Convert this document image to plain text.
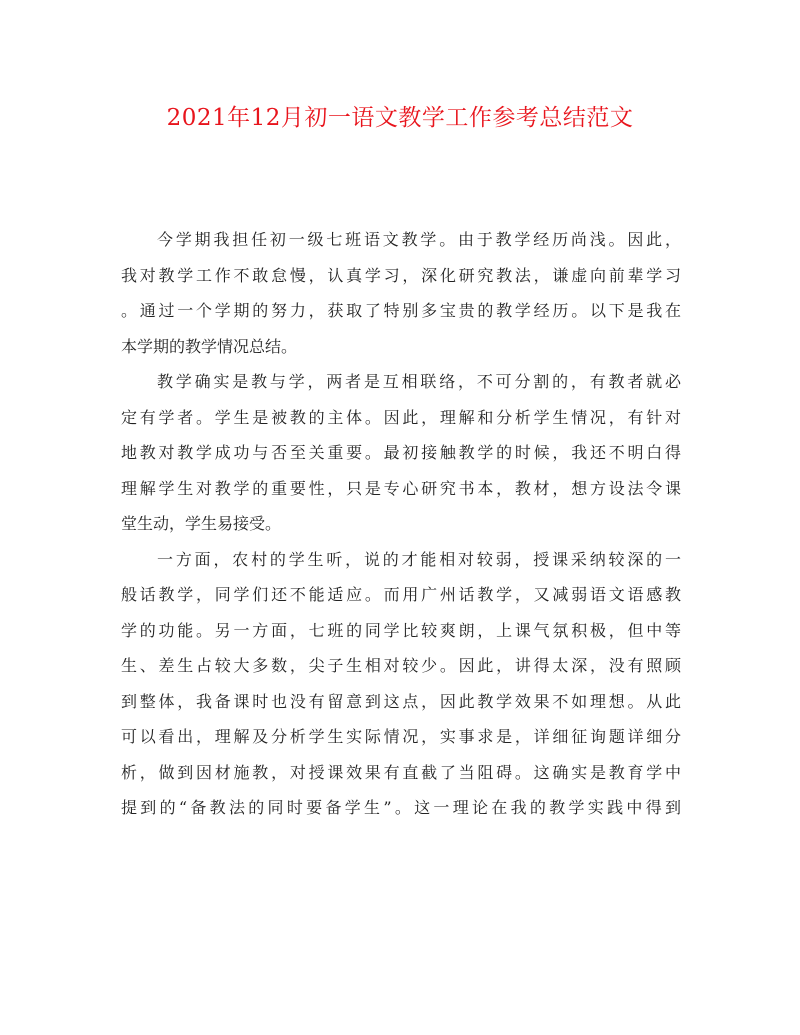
2021年12月初一语文教学工作参考总结范文
今学期我担任初一级七班语文教学。由于教学经历尚浅。因此，
我对教学工作不敢怠慢，认真学习，深化研究教法，谦虚向前辈学习
。通过一个学期的努力，获取了特别多宝贵的教学经历。以下是我在
本学期的教学情况总结。
教学确实是教与学，两者是互相联络，不可分割的，有教者就必
定有学者。学生是被教的主体。因此，理解和分析学生情况，有针对
地教对教学成功与否至关重要。最初接触教学的时候，我还不明白得
理解学生对教学的重要性，只是专心研究书本，教材，想方设法令课
堂生动，学生易接受。
一方面，农村的学生听，说的才能相对较弱，授课采纳较深的一
般话教学，同学们还不能适应。而用广州话教学，又减弱语文语感教
学的功能。另一方面，七班的同学比较爽朗，上课气氛积极，但中等
生、差生占较大多数，尖子生相对较少。因此，讲得太深，没有照顾
到整体，我备课时也没有留意到这点，因此教学效果不如理想。从此
可以看出，理解及分析学生实际情况，实事求是，详细征询题详细分
析，做到因材施教，对授课效果有直截了当阻碍。这确实是教育学中
提到的“备教法的同时要备学生”。这一理论在我的教学实践中得到
